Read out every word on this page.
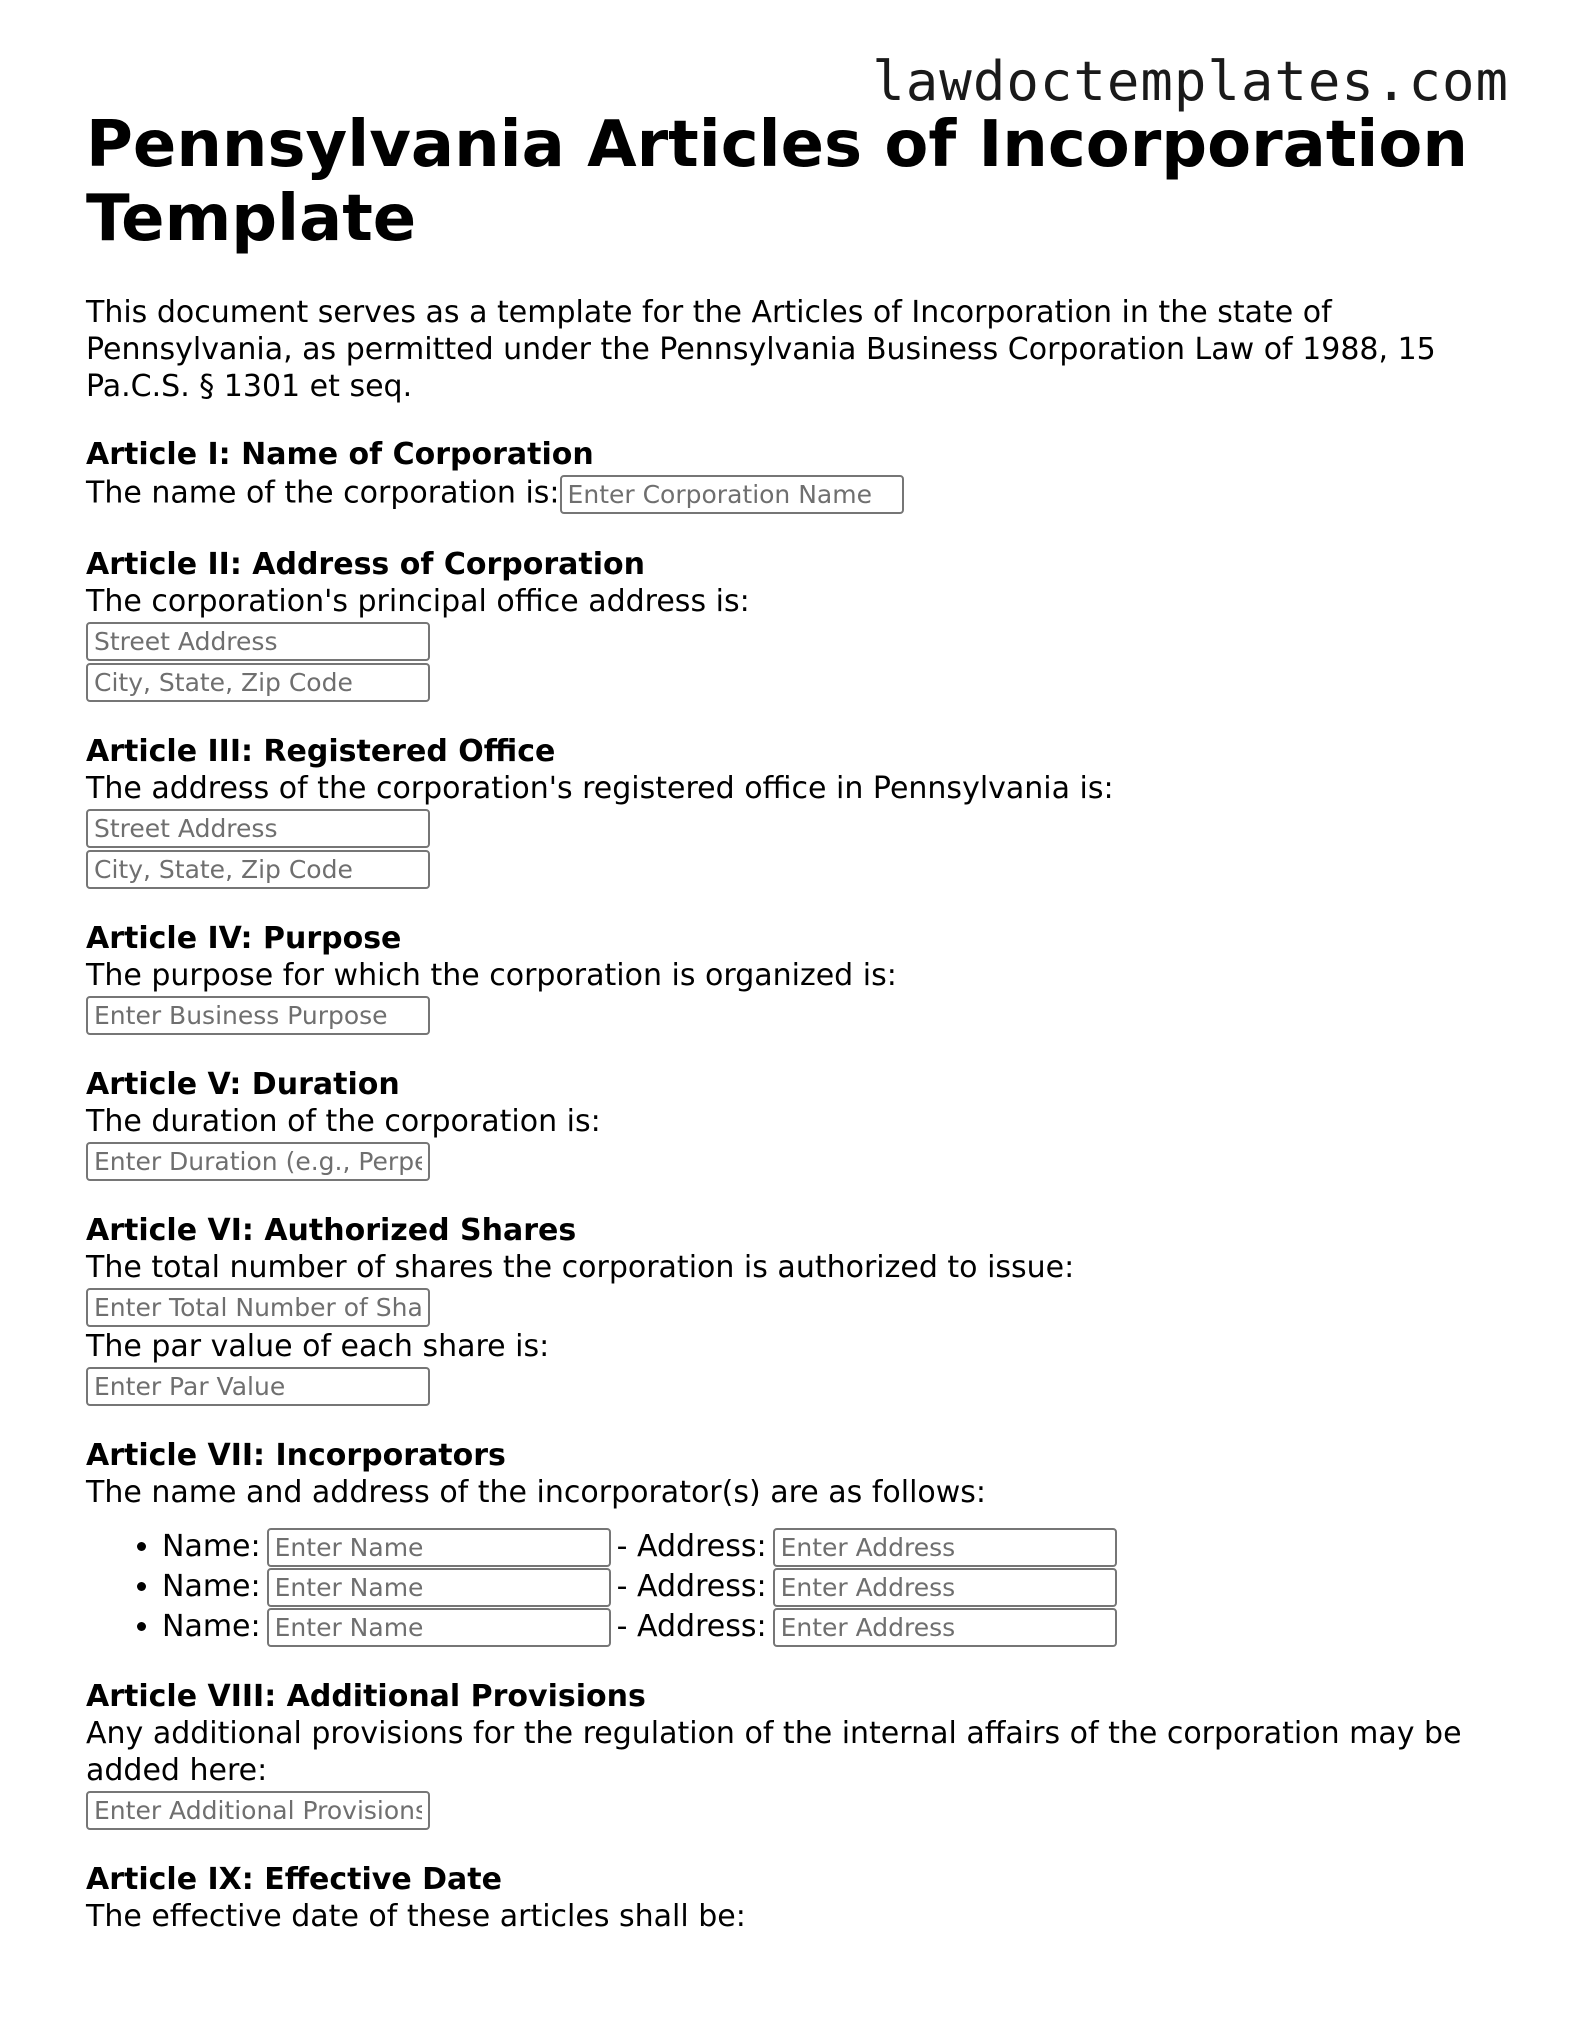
lawdoctemplates.com
Pennsylvania Articles of Incorporation Template

This document serves as a template for the Articles of Incorporation in the state of Pennsylvania, as permitted under the Pennsylvania Business Corporation Law of 1988, 15 Pa.C.S. § 1301 et seq.

Article I: Name of Corporation

The name of the corporation is:Enter Corporation Name

Article II: Address of Corporation

The corporation's principal office address is:

Street Address
City, State, Zip Code
Article III: Registered Office

The address of the corporation's registered office in Pennsylvania is:

Street Address
City, State, Zip Code
Article IV: Purpose

The purpose for which the corporation is organized is:

Enter Business Purpose
Article V: Duration

The duration of the corporation is:

Enter Duration (e.g., Perpetual)
Article VI: Authorized Shares

The total number of shares the corporation is authorized to issue:

Enter Total Number of Shares

The par value of each share is:

Enter Par Value
Article VII: Incorporators

The name and address of the incorporator(s) are as follows:

• Name:Enter Name	- Address:Enter Address
• Name:Enter Name	- Address:Enter Address
• Name:Enter Name	- Address:Enter Address
Article VIII: Additional Provisions

Any additional provisions for the regulation of the internal affairs of the corporation may be added here:

Enter Additional Provisions
Article IX: Effective Date

The effective date of these articles shall be:
